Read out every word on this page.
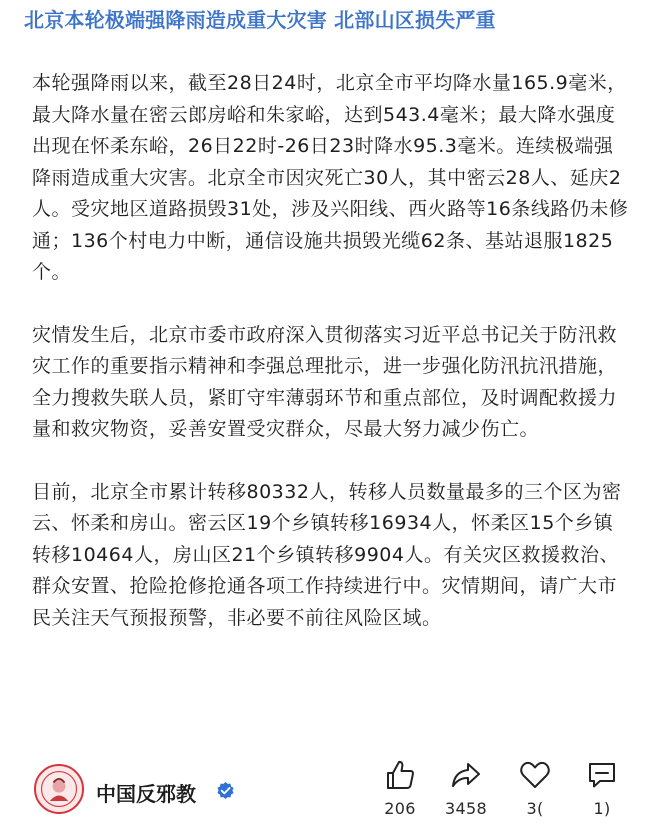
北京本轮极端强降雨造成重大灾害 北部山区损失严重

本轮强降雨以来，截至28日24时，北京全市平均降水量165.9毫米，最大降水量在密云郎房峪和朱家峪，达到543.4毫米；最大降水强度出现在怀柔东峪，26日22时-26日23时降水95.3毫米。连续极端强降雨造成重大灾害。北京全市因灾死亡30人，其中密云28人、延庆2人。受灾地区道路损毁31处，涉及兴阳线、西火路等16条线路仍未修通；136个村电力中断，通信设施共损毁光缆62条、基站退服1825个。

灾情发生后，北京市委市政府深入贯彻落实习近平总书记关于防汛救灾工作的重要指示精神和李强总理批示，进一步强化防汛抗汛措施，全力搜救失联人员，紧盯守牢薄弱环节和重点部位，及时调配救援力量和救灾物资，妥善安置受灾群众，尽最大努力减少伤亡。

目前，北京全市累计转移80332人，转移人员数量最多的三个区为密云、怀柔和房山。密云区19个乡镇转移16934人，怀柔区15个乡镇转移10464人，房山区21个乡镇转移9904人。有关灾区救援救治、群众安置、抢险抢修抢通各项工作持续进行中。灾情期间，请广大市民关注天气预报预警，非必要不前往风险区域。

中国反邪教
206	3458	3(	1)
